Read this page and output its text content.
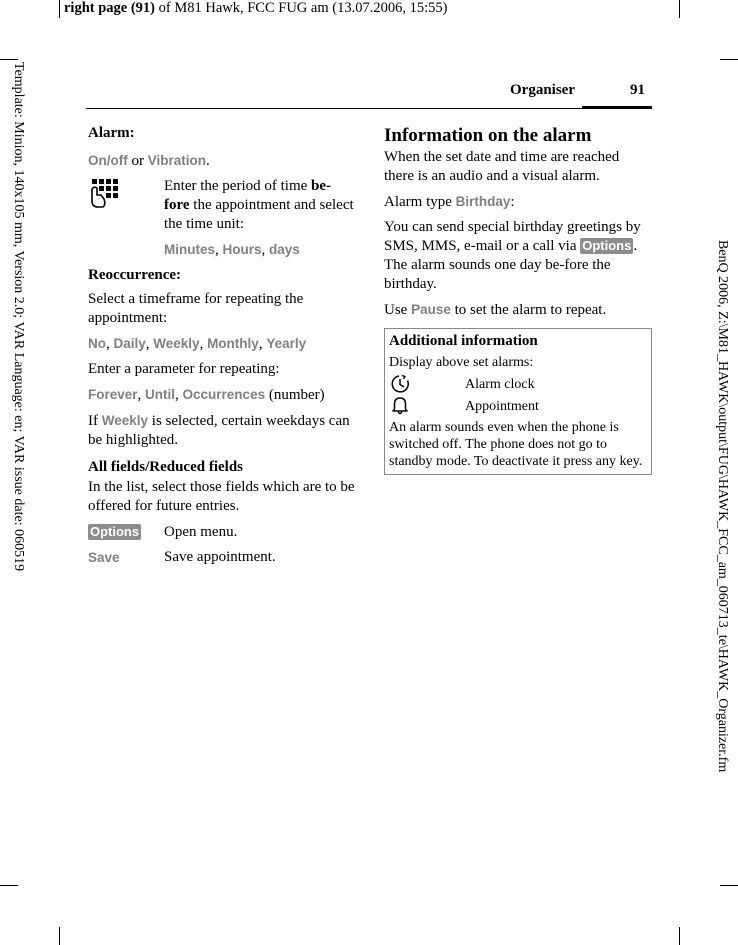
right page (91) of M81 Hawk, FCC FUG am (13.07.2006, 15:55)
Template: Minion, 140x105 mm, Version 2.0; VAR Language: en; VAR issue date: 060519	BenQ 2006, Z:\M81_HAWK\output\FUG\HAWK_FCC_am_060713_te\HAWK_Organizer.fm
Organiser	91

Alarm:

On/off or Vibration.

Enter the period of time be-fore the appointment and select the time unit:

Minutes, Hours, days

Reoccurrence:

Select a timeframe for repeating the appointment:

No, Daily, Weekly, Monthly, Yearly

Enter a parameter for repeating:

Forever, Until, Occurrences (number)

If Weekly is selected, certain weekdays can be highlighted.

All fields/Reduced fields

In the list, select those fields which are to be offered for future entries.

Options	Open menu.
Save	Save appointment.

Information on the alarm

When the set date and time are reached there is an audio and a visual alarm.

Alarm type Birthday:

You can send special birthday greetings by SMS, MMS, e-mail or a call via Options . The alarm sounds one day be-fore the birthday.

Use Pause to set the alarm to repeat.

Additional information

Display above set alarms:

Alarm clock
Appointment

An alarm sounds even when the phone is switched off. The phone does not go to standby mode. To deactivate it press any key.
